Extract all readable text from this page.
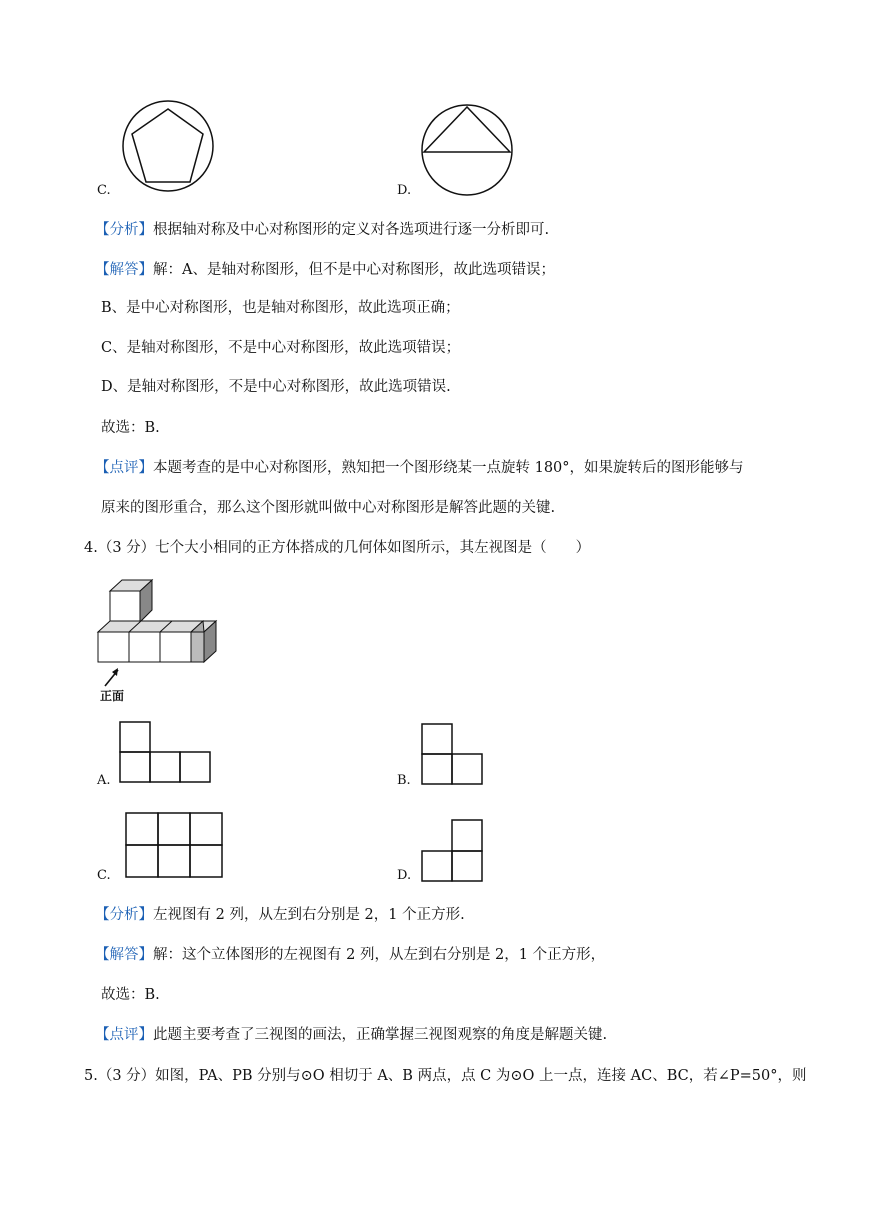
C.	D.
【分析】根据轴对称及中心对称图形的定义对各选项进行逐一分析即可.
【解答】解：A、是轴对称图形，但不是中心对称图形，故此选项错误；
B、是中心对称图形，也是轴对称图形，故此选项正确；
C、是轴对称图形，不是中心对称图形，故此选项错误；
D、是轴对称图形，不是中心对称图形，故此选项错误.
故选：B.
【点评】本题考查的是中心对称图形，熟知把一个图形绕某一点旋转 180°，如果旋转后的图形能够与
原来的图形重合，那么这个图形就叫做中心对称图形是解答此题的关键.
4.（3 分）七个大小相同的正方体搭成的几何体如图所示，其左视图是（　　）
正面
A.	B.
C.	D.
【分析】左视图有 2 列，从左到右分别是 2，1 个正方形.
【解答】解：这个立体图形的左视图有 2 列，从左到右分别是 2，1 个正方形，
故选：B.
【点评】此题主要考查了三视图的画法，正确掌握三视图观察的角度是解题关键.
5.（3 分）如图，PA、PB 分别与⊙O 相切于 A、B 两点，点 C 为⊙O 上一点，连接 AC、BC，若∠P=50°，则
